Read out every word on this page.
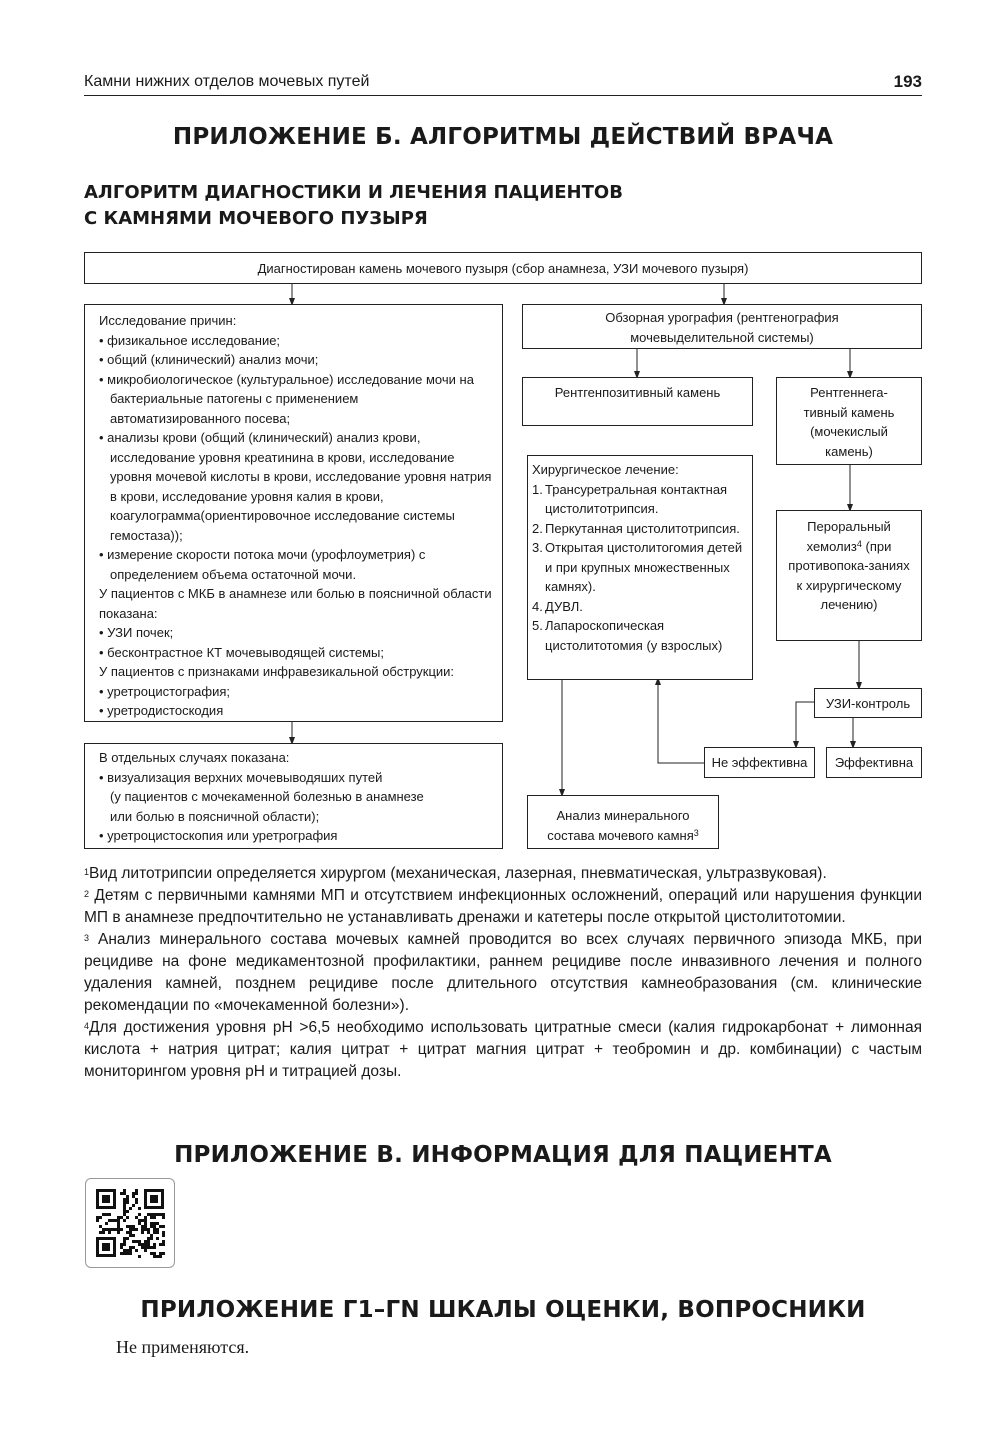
Камни нижних отделов мочевых путей	193
ПРИЛОЖЕНИЕ Б. АЛГОРИТМЫ ДЕЙСТВИЙ ВРАЧА
АЛГОРИТМ ДИАГНОСТИКИ И ЛЕЧЕНИЯ ПАЦИЕНТОВ
С КАМНЯМИ МОЧЕВОГО ПУЗЫРЯ
Диагностирован камень мочевого пузыря (сбор анамнеза, УЗИ мочевого пузыря)
Исследование причин:
• физикальное исследование;
• общий (клинический) анализ мочи;
• микробиологическое (культуральное) исследование мочи на бактериальные патогены с применением автоматизированного посева;
• анализы крови (общий (клинический) анализ крови, исследование уровня креатинина в крови, исследование уровня мочевой кислоты в крови, исследование уровня натрия в крови, исследование уровня калия в крови, коагулограмма(ориентировочное исследование системы гемостаза));
• измерение скорости потока мочи (урофлоуметрия) с определением объема остаточной мочи.
У пациентов с МКБ в анамнезе или болью в поясничной области показана:
• УЗИ почек;
• бесконтрастное КТ мочевыводящей системы;
У пациентов с признаками инфравезикальной обструкции:
• уретроцистография;
• уретродистоскодия
В отдельных случаях показана:
• визуализация верхних мочевыводяших путей
(у пациентов с мочекаменной болезнью в анамнезе
или болью в поясничной области);
• уретроцистоскопия или уретрография
Обзорная урография (рентгенография мочевыделительной системы)
Рентгенпозитивный камень	Рентгеннега-тивный камень (мочекислый камень)
Хирургическое лечение:
1. Трансуретральная контактная цистолитотрипсия.
2. Перкутанная цистолитотрипсия.
3. Открытая цистолитогомия детей и при крупных множественных камнях).
4. ДУВЛ.
5. Лапароскопическая цистолитотомия (у взрослых)
Пероральный хемолиз$^4$ (при противопока-заниях к хирургическому лечению)
УЗИ-контроль
Не эффективна	Эффективна
Анализ минерального состава мочевого камня$^3$

$^1$Вид литотрипсии определяется хирургом (механическая, лазерная, пневматическая, ультразвуковая).

$^2$ Детям с первичными камнями МП и отсутствием инфекционных осложнений, операций или нарушения функции МП в анамнезе предпочтительно не устанавливать дренажи и катетеры после открытой цистолитотомии.

$^3$ Анализ минерального состава мочевых камней проводится во всех случаях первичного эпизода МКБ, при рецидиве на фоне медикаментозной профилактики, раннем рецидиве после инвазивного лечения и полного удаления камней, позднем рецидиве после длительного отсутствия камнеобразования (см. клинические рекомендации по «мочекаменной болезни»).

$^4$Для достижения уровня pH >6,5 необходимо использовать цитратные смеси (калия гидрокарбонат + лимонная кислота + натрия цитрат; калия цитрат + цитрат магния цитрат + теобромин и др. комбинации) с частым мониторингом уровня pH и титрацией дозы.

ПРИЛОЖЕНИЕ В. ИНФОРМАЦИЯ ДЛЯ ПАЦИЕНТА
ПРИЛОЖЕНИЕ Г1–ГN ШКАЛЫ ОЦЕНКИ, ВОПРОСНИКИ
Не применяются.
